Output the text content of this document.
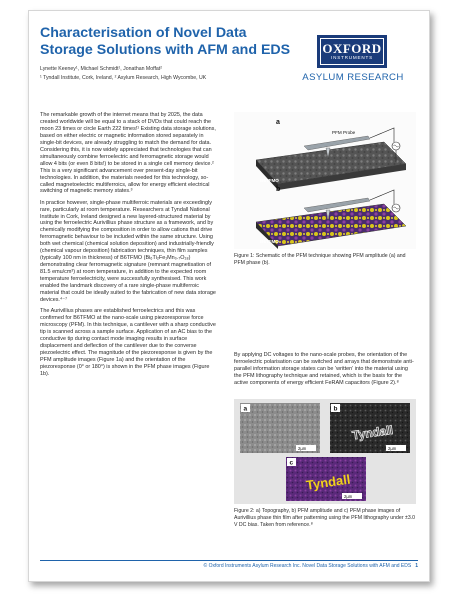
Characterisation of Novel Data Storage Solutions with AFM and EDS
Lynette Keeney¹, Michael Schmidt¹, Jonathan Moffat²
¹ Tyndall Institute, Cork, Ireland, ² Asylum Research, High Wycombe, UK
OXFORD
INSTRUMENTS
ASYLUM RESEARCH

The remarkable growth of the internet means that by 2025, the data created worldwide will be equal to a stack of DVDs that could reach the moon 23 times or circle Earth 222 times!¹ Existing data storage solutions, based on either electric or magnetic information stored separately in single-bit devices, are already struggling to match the demand for data. Considering this, it is now widely appreciated that technologies that can simultaneously combine ferroelectric and ferromagnetic storage would allow 4 bits (or even 8 bits!) to be stored in a single cell memory device.² This is a very significant advancement over present-day single-bit technologies. In addition, the materials needed for this technology, so-called magnetoelectric multiferroics, allow for energy efficient electrical switching of magnetic memory states.³

In practice however, single-phase multiferroic materials are exceedingly rare, particularly at room temperature. Researchers at Tyndall National Institute in Cork, Ireland designed a new layered-structured material by using the ferroelectric Aurivillius phase structure as a framework, and by chemically modifying the composition in order to allow cations that drive ferromagnetic behaviour to be included within the same structure. Using both wet chemical (chemical solution deposition) and industrially-friendly (chemical vapour deposition) fabrication techniques, thin film samples (typically 100 nm in thickness) of B6TFMO (Bi₆Ti₂Fe₁Mn₀.₇O₁₈) demonstrating clear ferromagnetic signature (remnant magnetisation of 81.5 emu/cm³) at room temperature, in addition to the expected room temperature ferroelectricity, were successfully synthesised. This work enabled the landmark discovery of a rare single-phase multiferroic material that could be ideally suited to the fabrication of new data storage devices.⁴⁻⁷

The Aurivillius phases are established ferroelectrics and this was confirmed for B6TFMO at the nano-scale using piezoresponse force microscopy (PFM). In this technique, a cantilever with a sharp conductive tip is scanned across a sample surface. Application of an AC bias to the conductive tip during contact mode imaging results in surface displacement and deflection of the cantilever due to the converse piezoelectric effect. The magnitude of the piezoresponse is given by the PFM amplitude images (Figure 1a) and the orientation of the piezoresponse (0° or 180°) is shown in the PFM phase images (Figure 1b).

a
PFM Probe
B6TFMO
b
B6TFMO
Figure 1: Schematic of the PFM technique showing PFM amplitude (a) and PFM phase (b).

By applying DC voltages to the nano-scale probes, the orientation of the ferroelectric polarisation can be switched and arrays that demonstrate anti-parallel information storage states can be ‘written’ into the material using the PFM lithography technique and retained, which is the basis for the active components of energy efficient FeRAM capacitors (Figure 2).⁸

a
2µm
b
Tyndall
2µm
c
Tyndall
2µm
Figure 2: a) Topography, b) PFM amplitude and c) PFM phase images of Aurivillius phase thin film after patterning using the PFM lithography under ±3.0 V DC bias. Taken from reference.⁸
© Oxford Instruments Asylum Research Inc. Novel Data Storage Solutions with AFM and EDS 1
